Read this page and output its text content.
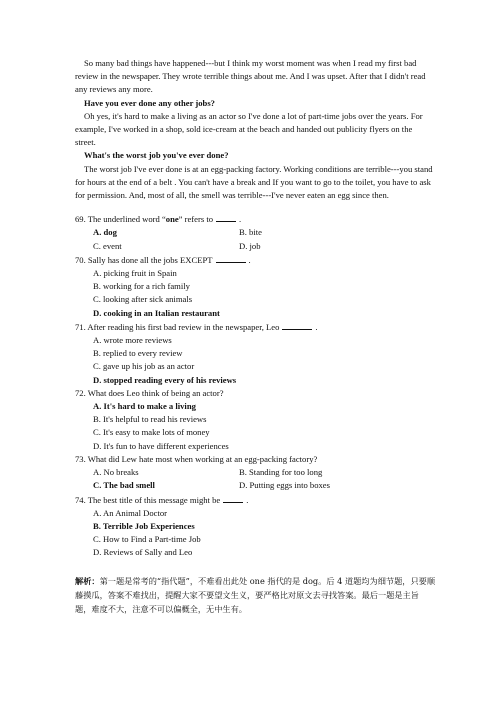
So many bad things have happened---but I think my worst moment was when I read my first bad review in the newspaper. They wrote terrible things about me. And I was upset. After that I didn't read any reviews any more.

Have you ever done any other jobs?

Oh yes, it's hard to make a living as an actor so I've done a lot of part-time jobs over the years. For example, I've worked in a shop, sold ice-cream at the beach and handed out publicity flyers on the street.

What's the worst job you've ever done?

The worst job I've ever done is at an egg-packing factory. Working conditions are terrible---you stand for hours at the end of a belt . You can't have a break and If you want to go to the toilet, you have to ask for permission. And, most of all, the smell was terrible---I've never eaten an egg since then.

69. The underlined word “one” refers to	.

A. dog	B. bite
C. event	D. job

70. Sally has done all the jobs EXCEPT	.

A. picking fruit in Spain

B. working for a rich family

C. looking after sick animals

D. cooking in an Italian restaurant

71. After reading his first bad review in the newspaper, Leo	.

A. wrote more reviews

B. replied to every review

C. gave up his job as an actor

D. stopped reading every of his reviews

72. What does Leo think of being an actor?

A. It's hard to make a living

B. It's helpful to read his reviews

C. It's easy to make lots of money

D. It's fun to have different experiences

73. What did Lew hate most when working at an egg-packing factory?

A. No breaks	B. Standing for too long
C. The bad smell	D. Putting eggs into boxes

74. The best title of this message might be	.

A. An Animal Doctor

B. Terrible Job Experiences

C. How to Find a Part-time Job

D. Reviews of Sally and Leo

解析：第一题是常考的“指代题”，不难看出此处 one 指代的是 dog。后 4 道题均为细节题，只要顺藤摸瓜，答案不难找出，提醒大家不要望文生义，要严格比对原文去寻找答案。最后一题是主旨题，难度不大，注意不可以偏概全，无中生有。
